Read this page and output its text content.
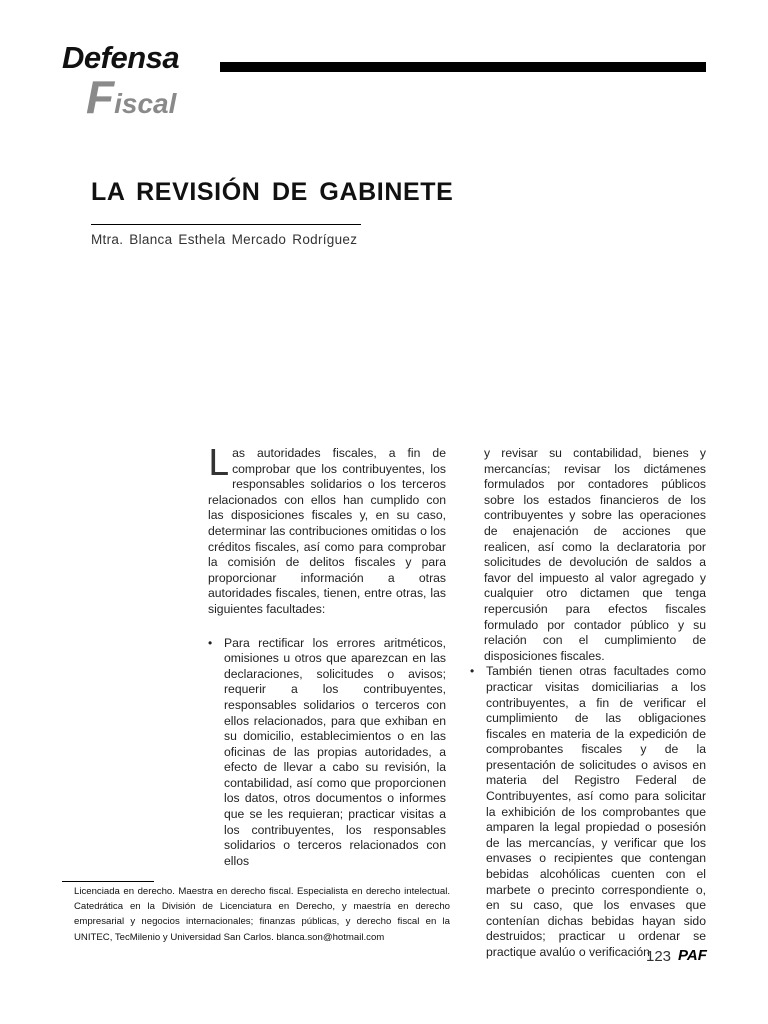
Defensa
Fiscal
LA REVISIÓN DE GABINETE
Mtra. Blanca Esthela Mercado Rodríguez

Las autoridades fiscales, a fin de comprobar que los contribuyentes, los responsables solidarios o los terceros relacionados con ellos han cumplido con las disposiciones fiscales y, en su caso, determinar las contribuciones omitidas o los créditos fiscales, así como para comprobar la comisión de delitos fiscales y para proporcionar información a otras autoridades fiscales, tienen, entre otras, las siguientes facultades:

• Para rectificar los errores aritméticos, omisiones u otros que aparezcan en las declaraciones, solicitudes o avisos; requerir a los contribuyentes, responsables solidarios o terceros con ellos relacionados, para que exhiban en su domicilio, establecimientos o en las oficinas de las propias autoridades, a efecto de llevar a cabo su revisión, la contabilidad, así como que proporcionen los datos, otros documentos o informes que se les requieran; practicar visitas a los contribuyentes, los responsables solidarios o terceros relacionados con ellos
y revisar su contabilidad, bienes y mercancías; revisar los dictámenes formulados por contadores públicos sobre los estados financieros de los contribuyentes y sobre las operaciones de enajenación de acciones que realicen, así como la declaratoria por solicitudes de devolución de saldos a favor del impuesto al valor agregado y cualquier otro dictamen que tenga repercusión para efectos fiscales formulado por contador público y su relación con el cumplimiento de disposiciones fiscales.
• También tienen otras facultades como practicar visitas domiciliarias a los contribuyentes, a fin de verificar el cumplimiento de las obligaciones fiscales en materia de la expedición de comprobantes fiscales y de la presentación de solicitudes o avisos en materia del Registro Federal de Contribuyentes, así como para solicitar la exhibición de los comprobantes que amparen la legal propiedad o posesión de las mercancías, y verificar que los envases o recipientes que contengan bebidas alcohólicas cuenten con el marbete o precinto correspondiente o, en su caso, que los envases que contenían dichas bebidas hayan sido destruidos; practicar u ordenar se practique avalúo o verificación
Licenciada en derecho. Maestra en derecho fiscal. Especialista en derecho intelectual. Catedrática en la División de Licenciatura en Derecho, y maestría en derecho empresarial y negocios internacionales; finanzas públicas, y derecho fiscal en la UNITEC, TecMilenio y Universidad San Carlos. blanca.son@hotmail.com
123 PAF
